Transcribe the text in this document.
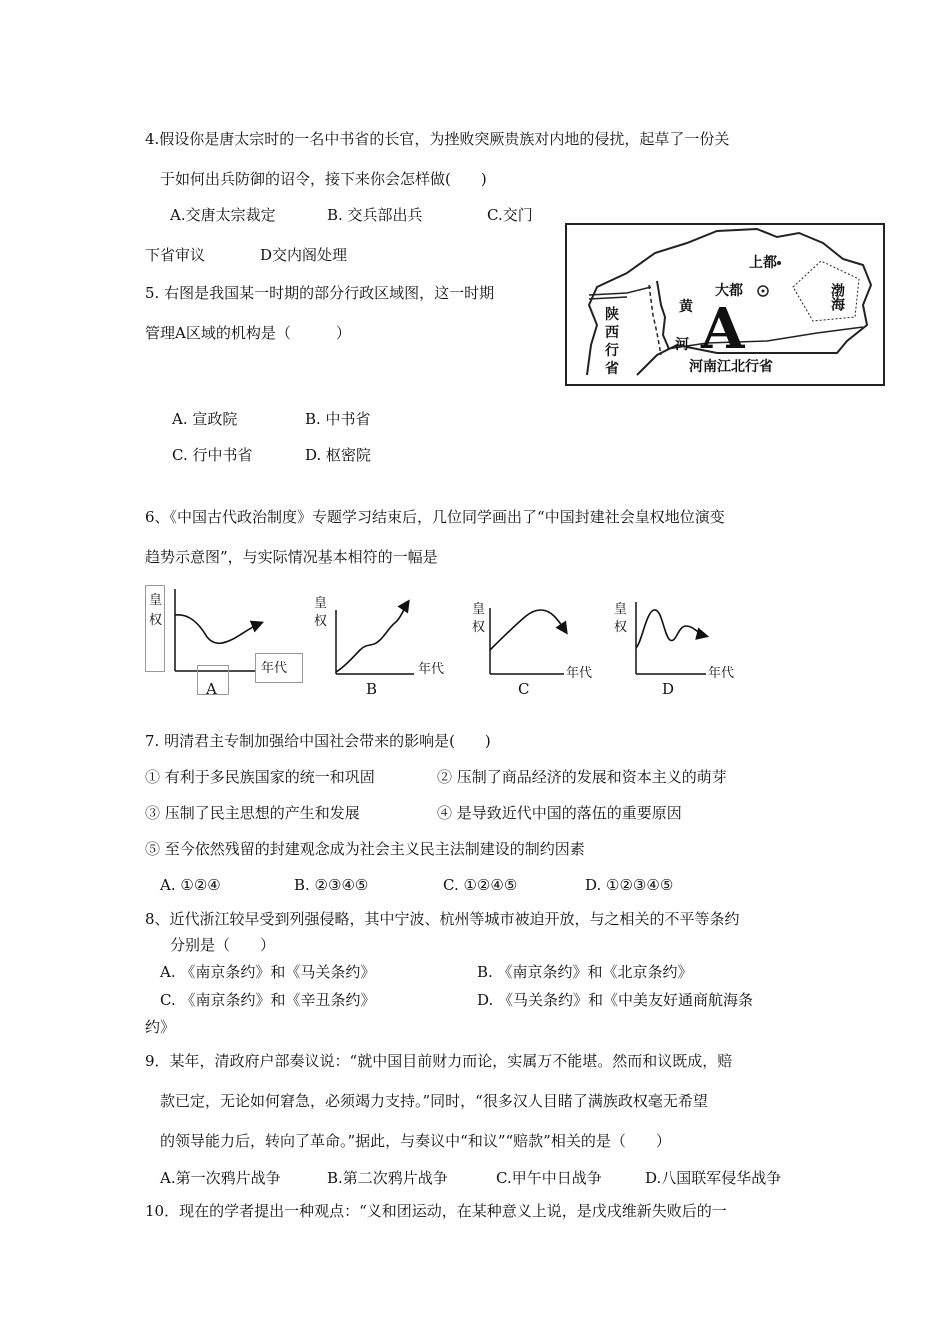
4.假设你是唐太宗时的一名中书省的长官，为挫败突厥贵族对内地的侵扰，起草了一份关
于如何出兵防御的诏令，接下来你会怎样做(　　)
A.交唐太宗裁定	B. 交兵部出兵	C.交门
下省审议	D交内阁处理
5. 右图是我国某一时期的部分行政区域图，这一时期
管理A区域的机构是（　　　）
上都
大都	渤海
黄
河 A
陕
西
行
省	河南江北行省
A. 宣政院	B. 中书省
C. 行中书省	D. 枢密院
6、《中国古代政治制度》专题学习结束后，几位同学画出了“中国封建社会皇权地位演变
趋势示意图”，与实际情况基本相符的一幅是
皇
权
年代
A
皇
权
年代
B
皇
权
年代
C
皇
权
年代
D
7. 明清君主专制加强给中国社会带来的影响是(　　)
① 有利于多民族国家的统一和巩固	② 压制了商品经济的发展和资本主义的萌芽
③ 压制了民主思想的产生和发展	④ 是导致近代中国的落伍的重要原因
⑤ 至今依然残留的封建观念成为社会主义民主法制建设的制约因素
A. ①②④	B. ②③④⑤	C. ①②④⑤	D. ①②③④⑤
8、近代浙江较早受到列强侵略，其中宁波、杭州等城市被迫开放，与之相关的不平等条约
分别是（　　）
A. 《南京条约》和《马关条约》	B. 《南京条约》和《北京条约》
C. 《南京条约》和《辛丑条约》	D. 《马关条约》和《中美友好通商航海条
约》
9．某年，清政府户部奏议说：“就中国目前财力而论，实属万不能堪。然而和议既成，赔
款已定，无论如何窘急，必须竭力支持。”同时，“很多汉人目睹了满族政权毫无希望
的领导能力后，转向了革命。”据此，与奏议中“和议”“赔款”相关的是（　　）
A.第一次鸦片战争	B.第二次鸦片战争	C.甲午中日战争	D.八国联军侵华战争
10．现在的学者提出一种观点：“义和团运动，在某种意义上说，是戊戌维新失败后的一
